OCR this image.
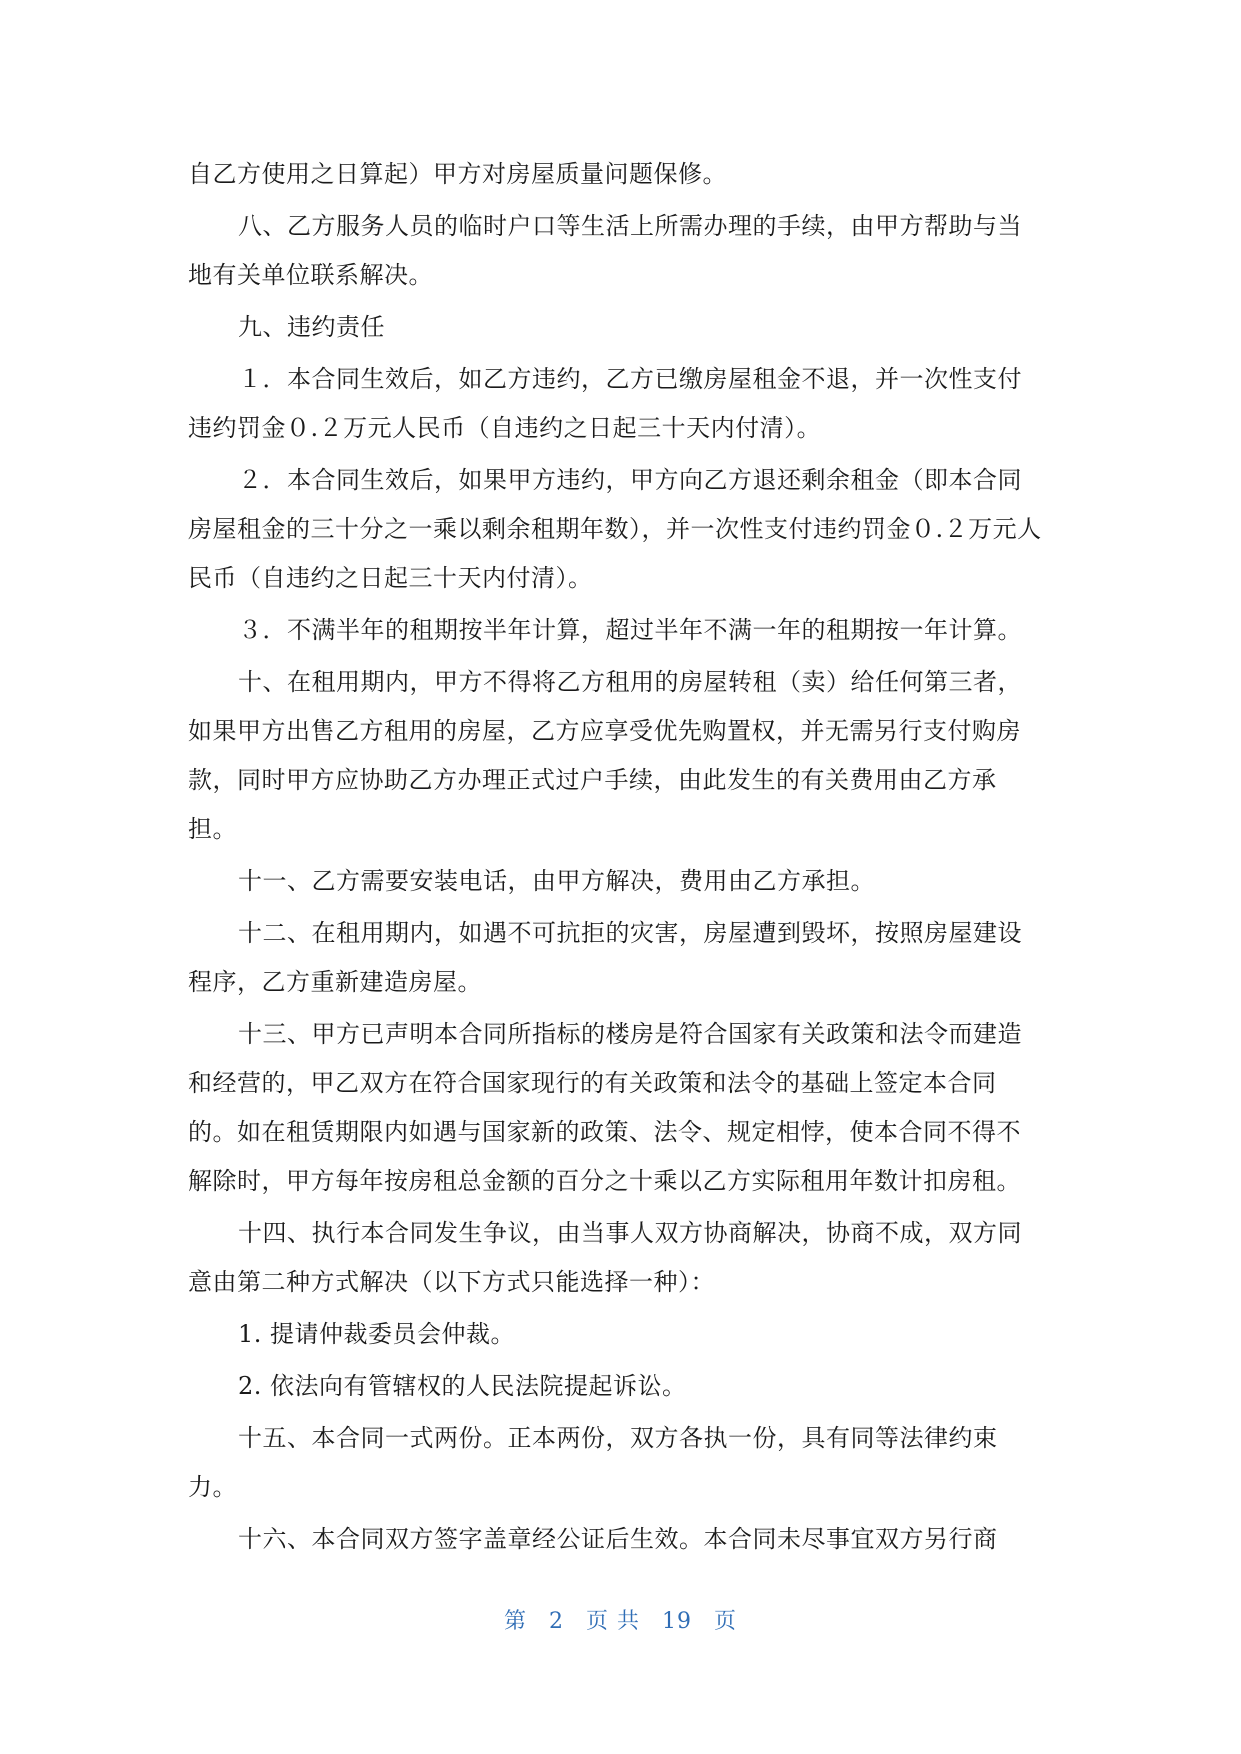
自乙方使用之日算起）甲方对房屋质量问题保修。

八、乙方服务人员的临时户口等生活上所需办理的手续，由甲方帮助与当
地有关单位联系解决。

九、违约责任

１．本合同生效后，如乙方违约，乙方已缴房屋租金不退，并一次性支付
违约罚金０.２万元人民币（自违约之日起三十天内付清）。

２．本合同生效后，如果甲方违约，甲方向乙方退还剩余租金（即本合同
房屋租金的三十分之一乘以剩余租期年数），并一次性支付违约罚金０.２万元人
民币（自违约之日起三十天内付清）。

３．不满半年的租期按半年计算，超过半年不满一年的租期按一年计算。

十、在租用期内，甲方不得将乙方租用的房屋转租（卖）给任何第三者，
如果甲方出售乙方租用的房屋，乙方应享受优先购置权，并无需另行支付购房
款，同时甲方应协助乙方办理正式过户手续，由此发生的有关费用由乙方承
担。

十一、乙方需要安装电话，由甲方解决，费用由乙方承担。

十二、在租用期内，如遇不可抗拒的灾害，房屋遭到毁坏，按照房屋建设
程序，乙方重新建造房屋。

十三、甲方已声明本合同所指标的楼房是符合国家有关政策和法令而建造
和经营的，甲乙双方在符合国家现行的有关政策和法令的基础上签定本合同
的。如在租赁期限内如遇与国家新的政策、法令、规定相悖，使本合同不得不
解除时，甲方每年按房租总金额的百分之十乘以乙方实际租用年数计扣房租。

十四、执行本合同发生争议，由当事人双方协商解决，协商不成，双方同
意由第二种方式解决（以下方式只能选择一种）：

1. 提请仲裁委员会仲裁。

2. 依法向有管辖权的人民法院提起诉讼。

十五、本合同一式两份。正本两份，双方各执一份，具有同等法律约束
力。

十六、本合同双方签字盖章经公证后生效。本合同未尽事宜双方另行商

第 2 页 共 19 页
